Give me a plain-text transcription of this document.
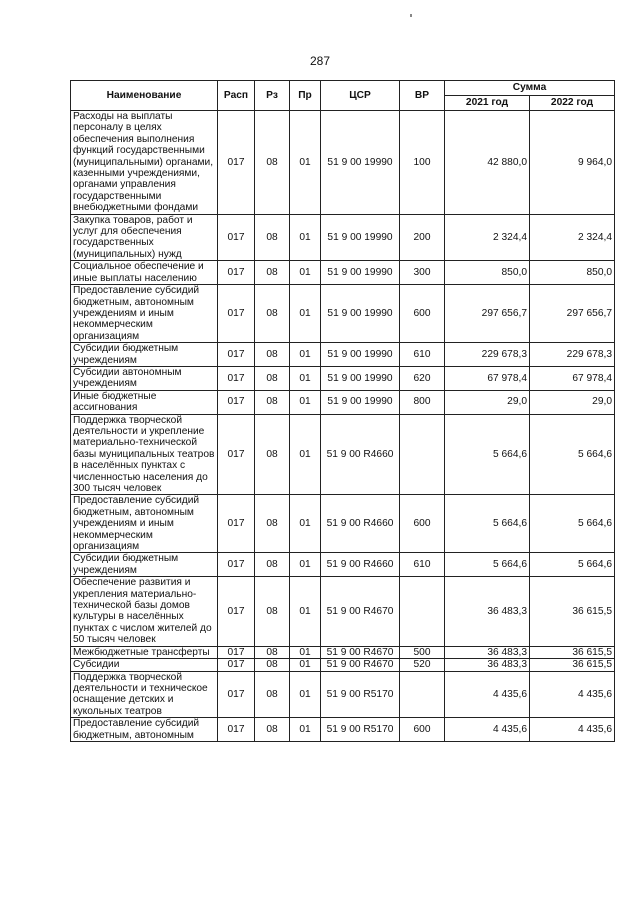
287
Наименование	Расп	Рз	Пр	ЦСР	ВР	Сумма	
						2021 год	2022 год
Расходы на выплаты персоналу в целях обеспечения выполнения функций государственными (муниципальными) органами, казенными учреждениями, органами управления государственными внебюджетными фондами	017	08	01	51 9 00 19990	100	42 880,0	9 964,0
Закупка товаров, работ и услуг для обеспечения государственных (муниципальных) нужд	017	08	01	51 9 00 19990	200	2 324,4	2 324,4
Социальное обеспечение и иные выплаты населению	017	08	01	51 9 00 19990	300	850,0	850,0
Предоставление субсидий бюджетным, автономным учреждениям и иным некоммерческим организациям	017	08	01	51 9 00 19990	600	297 656,7	297 656,7
Субсидии бюджетным учреждениям	017	08	01	51 9 00 19990	610	229 678,3	229 678,3
Субсидии автономным учреждениям	017	08	01	51 9 00 19990	620	67 978,4	67 978,4
Иные бюджетные ассигнования	017	08	01	51 9 00 19990	800	29,0	29,0
Поддержка творческой деятельности и укрепление материально-технической базы муниципальных театров в населённых пунктах с численностью населения до 300 тысяч человек	017	08	01	51 9 00 R4660		5 664,6	5 664,6
Предоставление субсидий бюджетным, автономным учреждениям и иным некоммерческим организациям	017	08	01	51 9 00 R4660	600	5 664,6	5 664,6
Субсидии бюджетным учреждениям	017	08	01	51 9 00 R4660	610	5 664,6	5 664,6
Обеспечение развития и укрепления материально-технической базы домов культуры в населённых пунктах с числом жителей до 50 тысяч человек	017	08	01	51 9 00 R4670		36 483,3	36 615,5
Межбюджетные трансферты	017	08	01	51 9 00 R4670	500	36 483,3	36 615,5
Субсидии	017	08	01	51 9 00 R4670	520	36 483,3	36 615,5
Поддержка творческой деятельности и техническое оснащение детских и кукольных театров	017	08	01	51 9 00 R5170		4 435,6	4 435,6
Предоставление субсидий бюджетным, автономным	017	08	01	51 9 00 R5170	600	4 435,6	4 435,6
